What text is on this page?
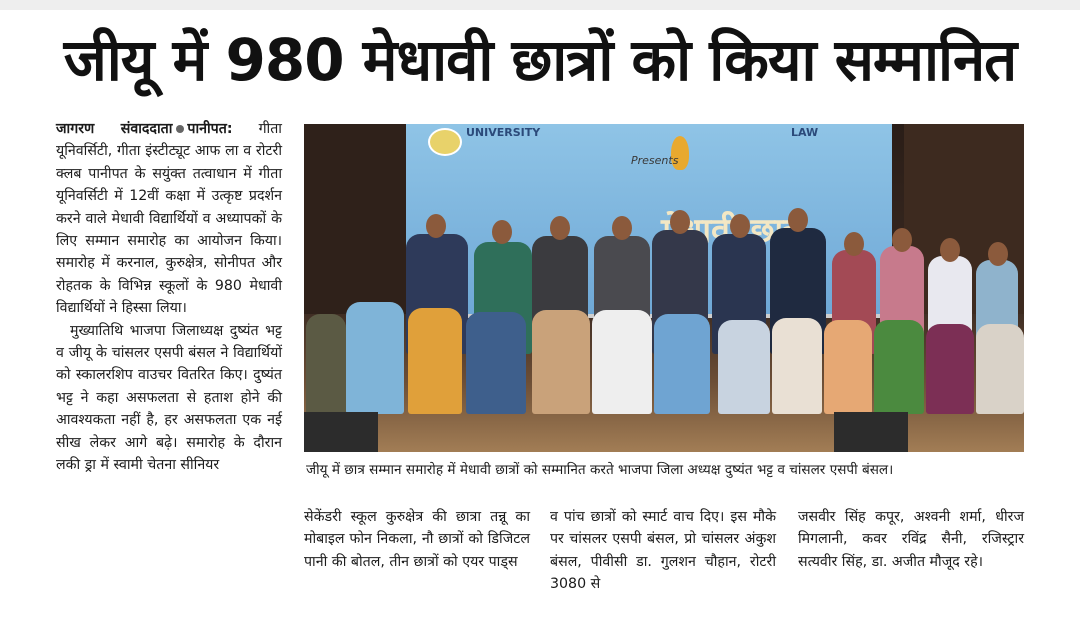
जीयू में 980 मेधावी छात्रों को किया सम्मानित

जागरण संवाददाता पानीपत: गीता यूनिवर्सिटी, गीता इंस्टीट्यूट आफ ला व रोटरी क्लब पानीपत के सयुंक्त तत्वाधान में गीता यूनिवर्सिटी में 12वीं कक्षा में उत्कृष्ट प्रदर्शन करने वाले मेधावी विद्यार्थियों व अध्यापकों के लिए सम्मान समारोह का आयोजन किया। समारोह में करनाल, कुरुक्षेत्र, सोनीपत और रोहतक के विभिन्न स्कूलों के 980 मेधावी विद्यार्थियों ने हिस्सा लिया।

मुख्यातिथि भाजपा जिलाध्यक्ष दुष्यंत भट्ट व जीयू के चांसलर एसपी बंसल ने विद्यार्थियों को स्कालरशिप वाउचर वितरित किए। दुष्यंत भट्ट ने कहा असफलता से हताश होने की आवश्यकता नहीं है, हर असफलता एक नई सीख लेकर आगे बढ़े। समारोह के दौरान लकी ड्रा में स्वामी चेतना सीनियर

UNIVERSITY	LAW
Presents
जीयू में छात्र सम्मान समारोह में मेधावी छात्रों को सम्मानित करते भाजपा जिला अध्यक्ष दुष्यंत भट्ट व चांसलर एसपी बंसल।
सेकेंडरी स्कूल कुरुक्षेत्र की छात्रा तन्नू का मोबाइल फोन निकला, नौ छात्रों को डिजिटल पानी की बोतल, तीन छात्रों को एयर पाड्स
व पांच छात्रों को स्मार्ट वाच दिए। इस मौके पर चांसलर एसपी बंसल, प्रो चांसलर अंकुश बंसल, पीवीसी डा. गुलशन चौहान, रोटरी 3080 से
जसवीर सिंह कपूर, अश्वनी शर्मा, धीरज मिगलानी, कवर रविंद्र सैनी, रजिस्ट्रार सत्यवीर सिंह, डा. अजीत मौजूद रहे।
